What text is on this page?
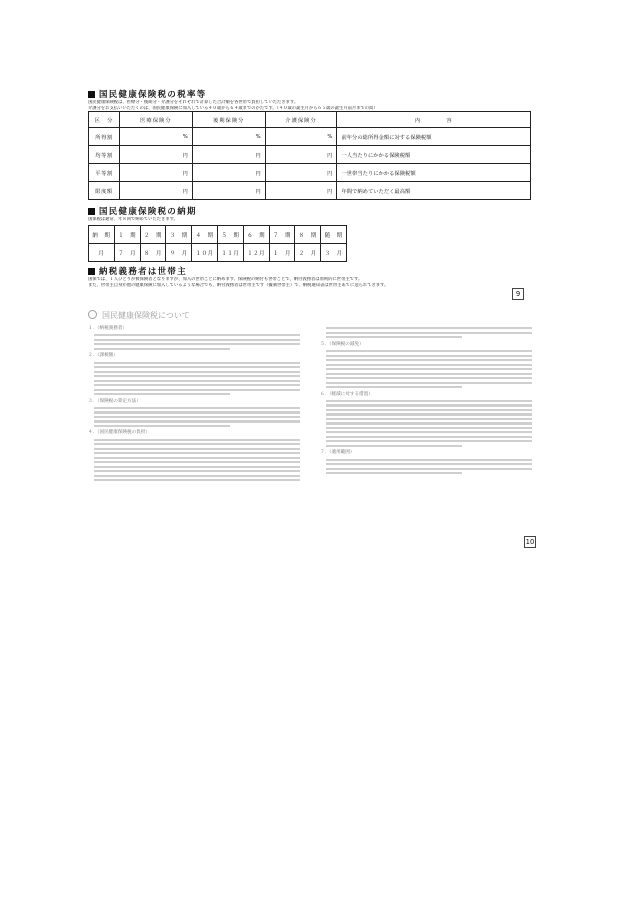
国民健康保険税の税率等
国民健康保険税は、医療分・後期分・介護分をそれぞれで計算した合計額を各世帯で負担していただきます。
介護分をお支払いいただくのは、国民健康保険に加入している４０歳から６４歳までのかたです。（４０歳の誕生月から６５歳の誕生月前月までの間）
区　分	医療保険分	後期保険分	介護保険分	内　　　　容
所得割	%	%	%	前年分の総所得金額に対する保険税額
均等割	円	円	円	一人当たりにかかる保険税額
平等割	円	円	円	一世帯当たりにかかる保険税額
限度額	円	円	円	年間で納めていただく最高額
国民健康保険税の納期
国保税は通常、年８回で納めていただきます。
納　期	１　期	２　期	３　期	４　期	５　期	６　期	７　期	８　期	随　期
月	７　月	８　月	９　月	１０月	１１月	１２月	１　月	２　月	３　月
納税義務者は世帯主
国保では、１人ひとりが被保険者となりますが、加入の世帯ごとに納めます。保険税の納付も世帯ごとで、納付義務者は原則的に世帯主です。
また、世帯主自身が他の健康保険に加入しているような場合でも、納付義務者は世帯主です（擬制世帯主）で、納税通知書は世帯主あてに送られてきます。
9
国民健康保険税について
１．（納税義務者）
２．（課税額）
３．（保険税の算定方法）
４．（国民健康保険税の負担）
５．（保険税の減免）
６．（軽減に対する措置）
７．（適用範囲）
10
